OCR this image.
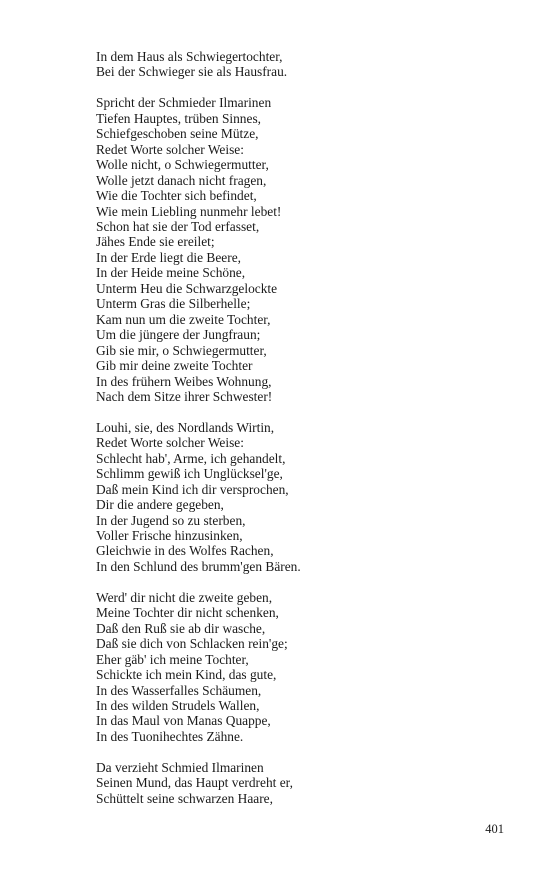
In dem Haus als Schwiegertochter,
Bei der Schwieger sie als Hausfrau.
Spricht der Schmieder Ilmarinen
Tiefen Hauptes, trüben Sinnes,
Schiefgeschoben seine Mütze,
Redet Worte solcher Weise:
Wolle nicht, o Schwiegermutter,
Wolle jetzt danach nicht fragen,
Wie die Tochter sich befindet,
Wie mein Liebling nunmehr lebet!
Schon hat sie der Tod erfasset,
Jähes Ende sie ereilet;
In der Erde liegt die Beere,
In der Heide meine Schöne,
Unterm Heu die Schwarzgelockte
Unterm Gras die Silberhelle;
Kam nun um die zweite Tochter,
Um die jüngere der Jungfraun;
Gib sie mir, o Schwiegermutter,
Gib mir deine zweite Tochter
In des frühern Weibes Wohnung,
Nach dem Sitze ihrer Schwester!
Louhi, sie, des Nordlands Wirtin,
Redet Worte solcher Weise:
Schlecht hab', Arme, ich gehandelt,
Schlimm gewiß ich Unglücksel'ge,
Daß mein Kind ich dir versprochen,
Dir die andere gegeben,
In der Jugend so zu sterben,
Voller Frische hinzusinken,
Gleichwie in des Wolfes Rachen,
In den Schlund des brumm'gen Bären.
Werd' dir nicht die zweite geben,
Meine Tochter dir nicht schenken,
Daß den Ruß sie ab dir wasche,
Daß sie dich von Schlacken rein'ge;
Eher gäb' ich meine Tochter,
Schickte ich mein Kind, das gute,
In des Wasserfalles Schäumen,
In des wilden Strudels Wallen,
In das Maul von Manas Quappe,
In des Tuonihechtes Zähne.
Da verzieht Schmied Ilmarinen
Seinen Mund, das Haupt verdreht er,
Schüttelt seine schwarzen Haare,
401
